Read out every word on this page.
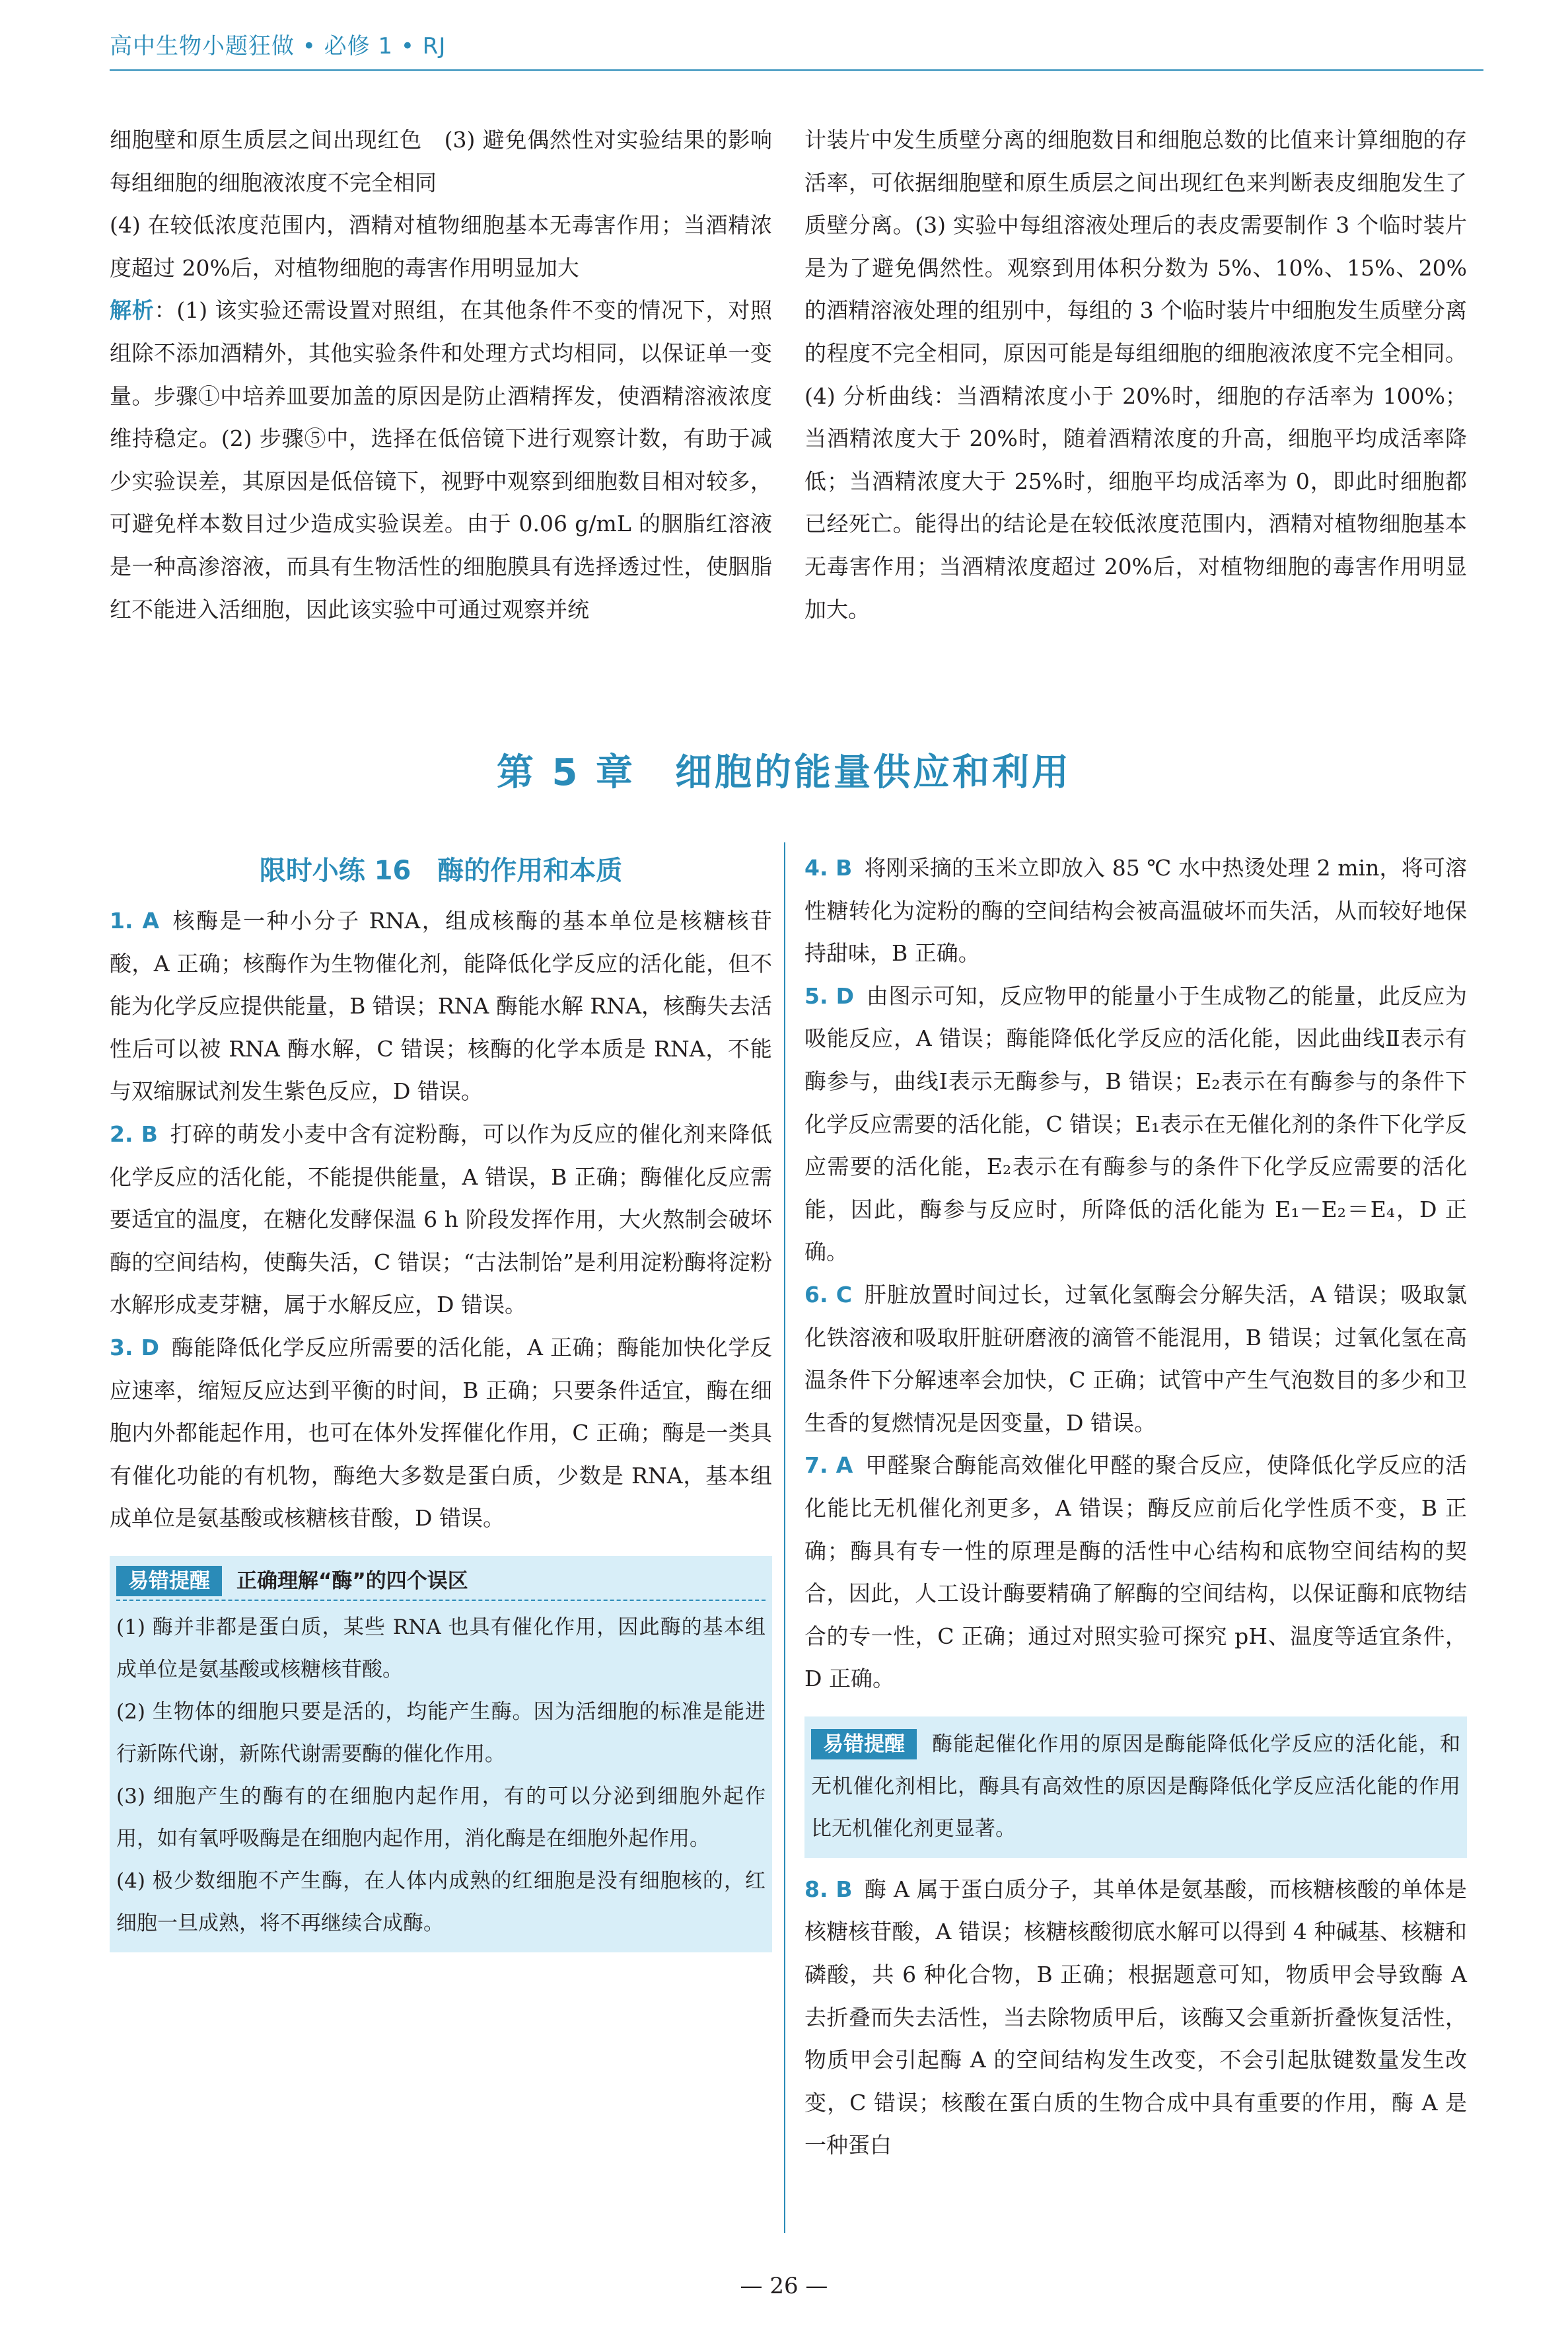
高中生物小题狂做 • 必修 1 • RJ

细胞壁和原生质层之间出现红色　(3) 避免偶然性对实验结果的影响　每组细胞的细胞液浓度不完全相同

(4) 在较低浓度范围内，酒精对植物细胞基本无毒害作用；当酒精浓度超过 20%后，对植物细胞的毒害作用明显加大

解析：(1) 该实验还需设置对照组，在其他条件不变的情况下，对照组除不添加酒精外，其他实验条件和处理方式均相同，以保证单一变量。步骤①中培养皿要加盖的原因是防止酒精挥发，使酒精溶液浓度维持稳定。(2) 步骤⑤中，选择在低倍镜下进行观察计数，有助于减少实验误差，其原因是低倍镜下，视野中观察到细胞数目相对较多，可避免样本数目过少造成实验误差。由于 0.06 g/mL 的胭脂红溶液是一种高渗溶液，而具有生物活性的细胞膜具有选择透过性，使胭脂红不能进入活细胞，因此该实验中可通过观察并统

计装片中发生质壁分离的细胞数目和细胞总数的比值来计算细胞的存活率，可依据细胞壁和原生质层之间出现红色来判断表皮细胞发生了质壁分离。(3) 实验中每组溶液处理后的表皮需要制作 3 个临时装片是为了避免偶然性。观察到用体积分数为 5%、10%、15%、20%的酒精溶液处理的组别中，每组的 3 个临时装片中细胞发生质壁分离的程度不完全相同，原因可能是每组细胞的细胞液浓度不完全相同。(4) 分析曲线：当酒精浓度小于 20%时，细胞的存活率为 100%；当酒精浓度大于 20%时，随着酒精浓度的升高，细胞平均成活率降低；当酒精浓度大于 25%时，细胞平均成活率为 0，即此时细胞都已经死亡。能得出的结论是在较低浓度范围内，酒精对植物细胞基本无毒害作用；当酒精浓度超过 20%后，对植物细胞的毒害作用明显加大。

第 5 章　细胞的能量供应和利用
限时小练 16　酶的作用和本质

1. A 核酶是一种小分子 RNA，组成核酶的基本单位是核糖核苷酸，A 正确；核酶作为生物催化剂，能降低化学反应的活化能，但不能为化学反应提供能量，B 错误；RNA 酶能水解 RNA，核酶失去活性后可以被 RNA 酶水解，C 错误；核酶的化学本质是 RNA，不能与双缩脲试剂发生紫色反应，D 错误。

2. B 打碎的萌发小麦中含有淀粉酶，可以作为反应的催化剂来降低化学反应的活化能，不能提供能量，A 错误，B 正确；酶催化反应需要适宜的温度，在糖化发酵保温 6 h 阶段发挥作用，大火熬制会破坏酶的空间结构，使酶失活，C 错误；“古法制饴”是利用淀粉酶将淀粉水解形成麦芽糖，属于水解反应，D 错误。

3. D 酶能降低化学反应所需要的活化能，A 正确；酶能加快化学反应速率，缩短反应达到平衡的时间，B 正确；只要条件适宜，酶在细胞内外都能起作用，也可在体外发挥催化作用，C 正确；酶是一类具有催化功能的有机物，酶绝大多数是蛋白质，少数是 RNA，基本组成单位是氨基酸或核糖核苷酸，D 错误。

易错提醒 正确理解“酶”的四个误区

(1) 酶并非都是蛋白质，某些 RNA 也具有催化作用，因此酶的基本组成单位是氨基酸或核糖核苷酸。

(2) 生物体的细胞只要是活的，均能产生酶。因为活细胞的标准是能进行新陈代谢，新陈代谢需要酶的催化作用。

(3) 细胞产生的酶有的在细胞内起作用，有的可以分泌到细胞外起作用，如有氧呼吸酶是在细胞内起作用，消化酶是在细胞外起作用。

(4) 极少数细胞不产生酶，在人体内成熟的红细胞是没有细胞核的，红细胞一旦成熟，将不再继续合成酶。

4. B 将刚采摘的玉米立即放入 85 ℃ 水中热烫处理 2 min，将可溶性糖转化为淀粉的酶的空间结构会被高温破坏而失活，从而较好地保持甜味，B 正确。

5. D 由图示可知，反应物甲的能量小于生成物乙的能量，此反应为吸能反应，A 错误；酶能降低化学反应的活化能，因此曲线Ⅱ表示有酶参与，曲线Ⅰ表示无酶参与，B 错误；E₂表示在有酶参与的条件下化学反应需要的活化能，C 错误；E₁表示在无催化剂的条件下化学反应需要的活化能，E₂表示在有酶参与的条件下化学反应需要的活化能，因此，酶参与反应时，所降低的活化能为 E₁－E₂＝E₄，D 正确。

6. C 肝脏放置时间过长，过氧化氢酶会分解失活，A 错误；吸取氯化铁溶液和吸取肝脏研磨液的滴管不能混用，B 错误；过氧化氢在高温条件下分解速率会加快，C 正确；试管中产生气泡数目的多少和卫生香的复燃情况是因变量，D 错误。

7. A 甲醛聚合酶能高效催化甲醛的聚合反应，使降低化学反应的活化能比无机催化剂更多，A 错误；酶反应前后化学性质不变，B 正确；酶具有专一性的原理是酶的活性中心结构和底物空间结构的契合，因此，人工设计酶要精确了解酶的空间结构，以保证酶和底物结合的专一性，C 正确；通过对照实验可探究 pH、温度等适宜条件，D 正确。

易错提醒 酶能起催化作用的原因是酶能降低化学反应的活化能，和无机催化剂相比，酶具有高效性的原因是酶降低化学反应活化能的作用比无机催化剂更显著。

8. B 酶 A 属于蛋白质分子，其单体是氨基酸，而核糖核酸的单体是核糖核苷酸，A 错误；核糖核酸彻底水解可以得到 4 种碱基、核糖和磷酸，共 6 种化合物，B 正确；根据题意可知，物质甲会导致酶 A 去折叠而失去活性，当去除物质甲后，该酶又会重新折叠恢复活性，物质甲会引起酶 A 的空间结构发生改变，不会引起肽键数量发生改变，C 错误；核酸在蛋白质的生物合成中具有重要的作用，酶 A 是一种蛋白

— 26 —
